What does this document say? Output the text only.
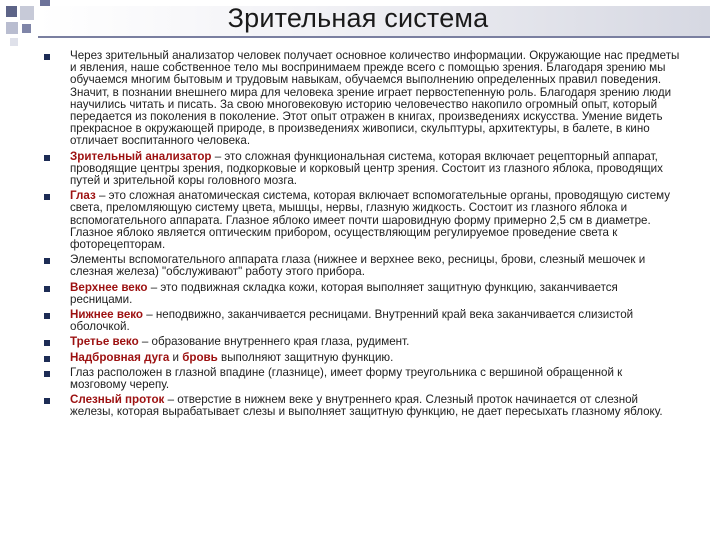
Зрительная система
Через зрительный анализатор человек получает основное количество информации. Окружающие нас предметы и явления, наше собственное тело мы воспринимаем прежде всего с помощью зрения. Благодаря зрению мы обучаемся многим бытовым и трудовым навыкам, обучаемся выполнению определенных правил поведения. Значит, в познании внешнего мира для человека зрение играет первостепенную роль. Благодаря зрению люди научились читать и писать. За свою многовековую историю человечество накопило огромный опыт, который передается из поколения в поколение. Этот опыт отражен в книгах, произведениях искусства. Умение видеть прекрасное в окружающей природе, в произведениях живописи, скульптуры, архитектуры, в балете, в кино отличает воспитанного человека.
Зрительный анализатор – это сложная функциональная система, которая включает рецепторный аппарат, проводящие центры зрения, подкорковые и корковый центр зрения. Состоит из глазного яблока, проводящих путей и зрительной коры головного мозга.
Глаз – это сложная анатомическая система, которая включает вспомогательные органы, проводящую систему света, преломляющую систему цвета, мышцы, нервы, глазную жидкость. Состоит из глазного яблока и вспомогательного аппарата. Глазное яблоко имеет почти шаровидную форму примерно 2,5 см в диаметре. Глазное яблоко является оптическим прибором, осуществляющим регулируемое проведение света к фоторецепторам.
Элементы вспомогательного аппарата глаза (нижнее и верхнее веко, ресницы, брови, слезный мешочек и слезная железа) "обслуживают" работу этого прибора.
Верхнее веко – это подвижная складка кожи, которая выполняет защитную функцию, заканчивается ресницами.
Нижнее веко – неподвижно, заканчивается ресницами. Внутренний край века заканчивается слизистой оболочкой.
Третье веко – образование внутреннего края глаза, рудимент.
Надбровная дуга и бровь выполняют защитную функцию.
Глаз расположен в глазной впадине (глазнице), имеет форму треугольника с вершиной обращенной к мозговому черепу.
Слезный проток – отверстие в нижнем веке у внутреннего края. Слезный проток начинается от слезной железы, которая вырабатывает слезы и выполняет защитную функцию, не дает пересыхать глазному яблоку.
